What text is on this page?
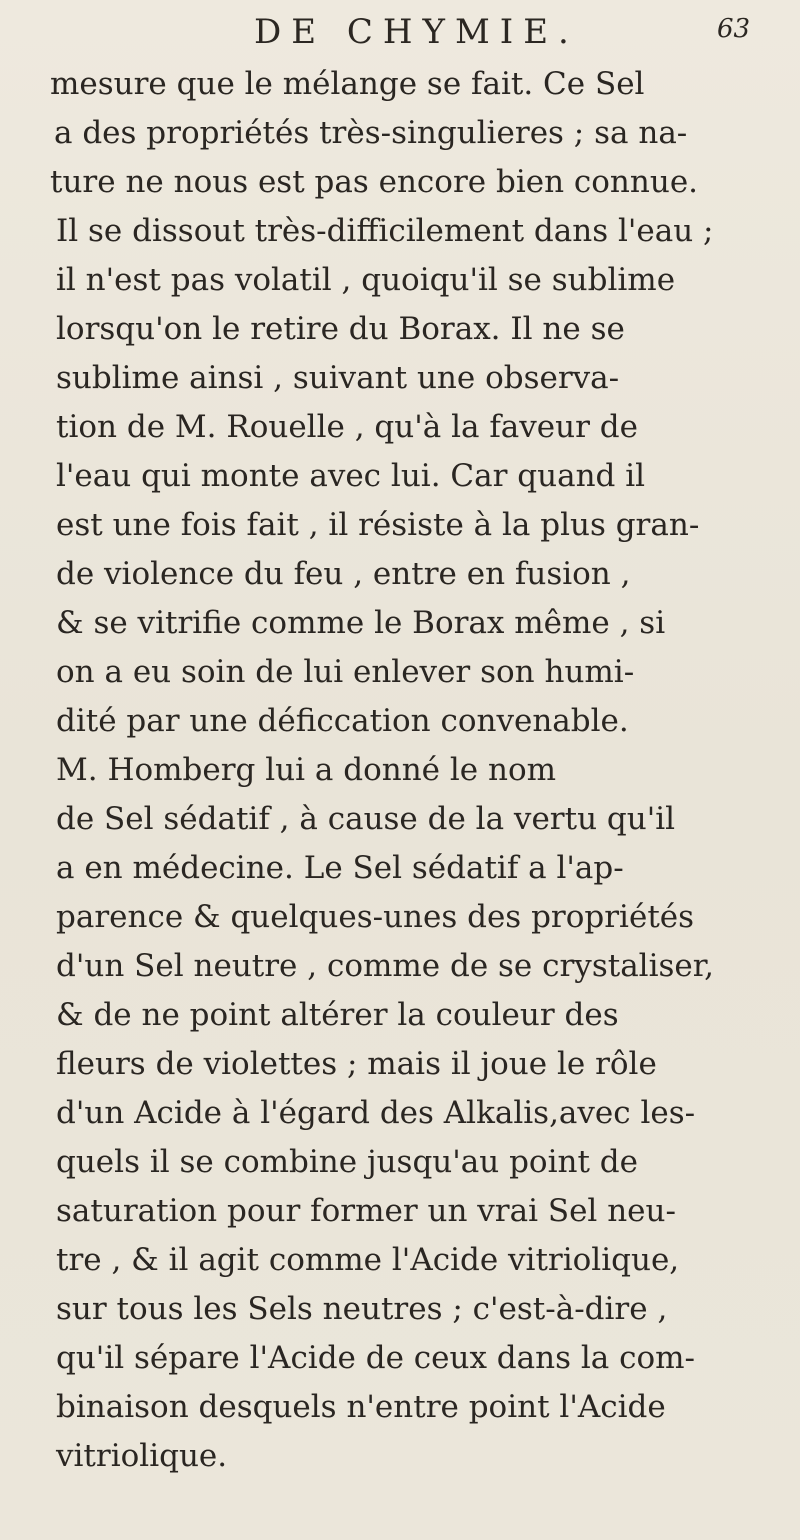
DE CHYMIE.	63
mesure que le mélange se fait. Ce Sel
a des propriétés très-singulieres ; sa na-
ture ne nous est pas encore bien connue.
Il se dissout très-difficilement dans l'eau ;
il n'est pas volatil , quoiqu'il se sublime
lorsqu'on le retire du Borax. Il ne se
sublime ainsi , suivant une observa-
tion de M. Rouelle , qu'à la faveur de
l'eau qui monte avec lui. Car quand il
est une fois fait , il résiste à la plus gran-
de violence du feu , entre en fusion ,
& se vitrifie comme le Borax même , si
on a eu soin de lui enlever son humi-
dité par une déficcation convenable.
M. Homberg lui a donné le nom
de Sel sédatif , à cause de la vertu qu'il
a en médecine. Le Sel sédatif a l'ap-
parence & quelques-unes des propriétés
d'un Sel neutre , comme de se crystaliser,
& de ne point altérer la couleur des
fleurs de violettes ; mais il joue le rôle
d'un Acide à l'égard des Alkalis,avec les-
quels il se combine jusqu'au point de
saturation pour former un vrai Sel neu-
tre , & il agit comme l'Acide vitriolique,
sur tous les Sels neutres ; c'est-à-dire ,
qu'il sépare l'Acide de ceux dans la com-
binaison desquels n'entre point l'Acide
vitriolique.
